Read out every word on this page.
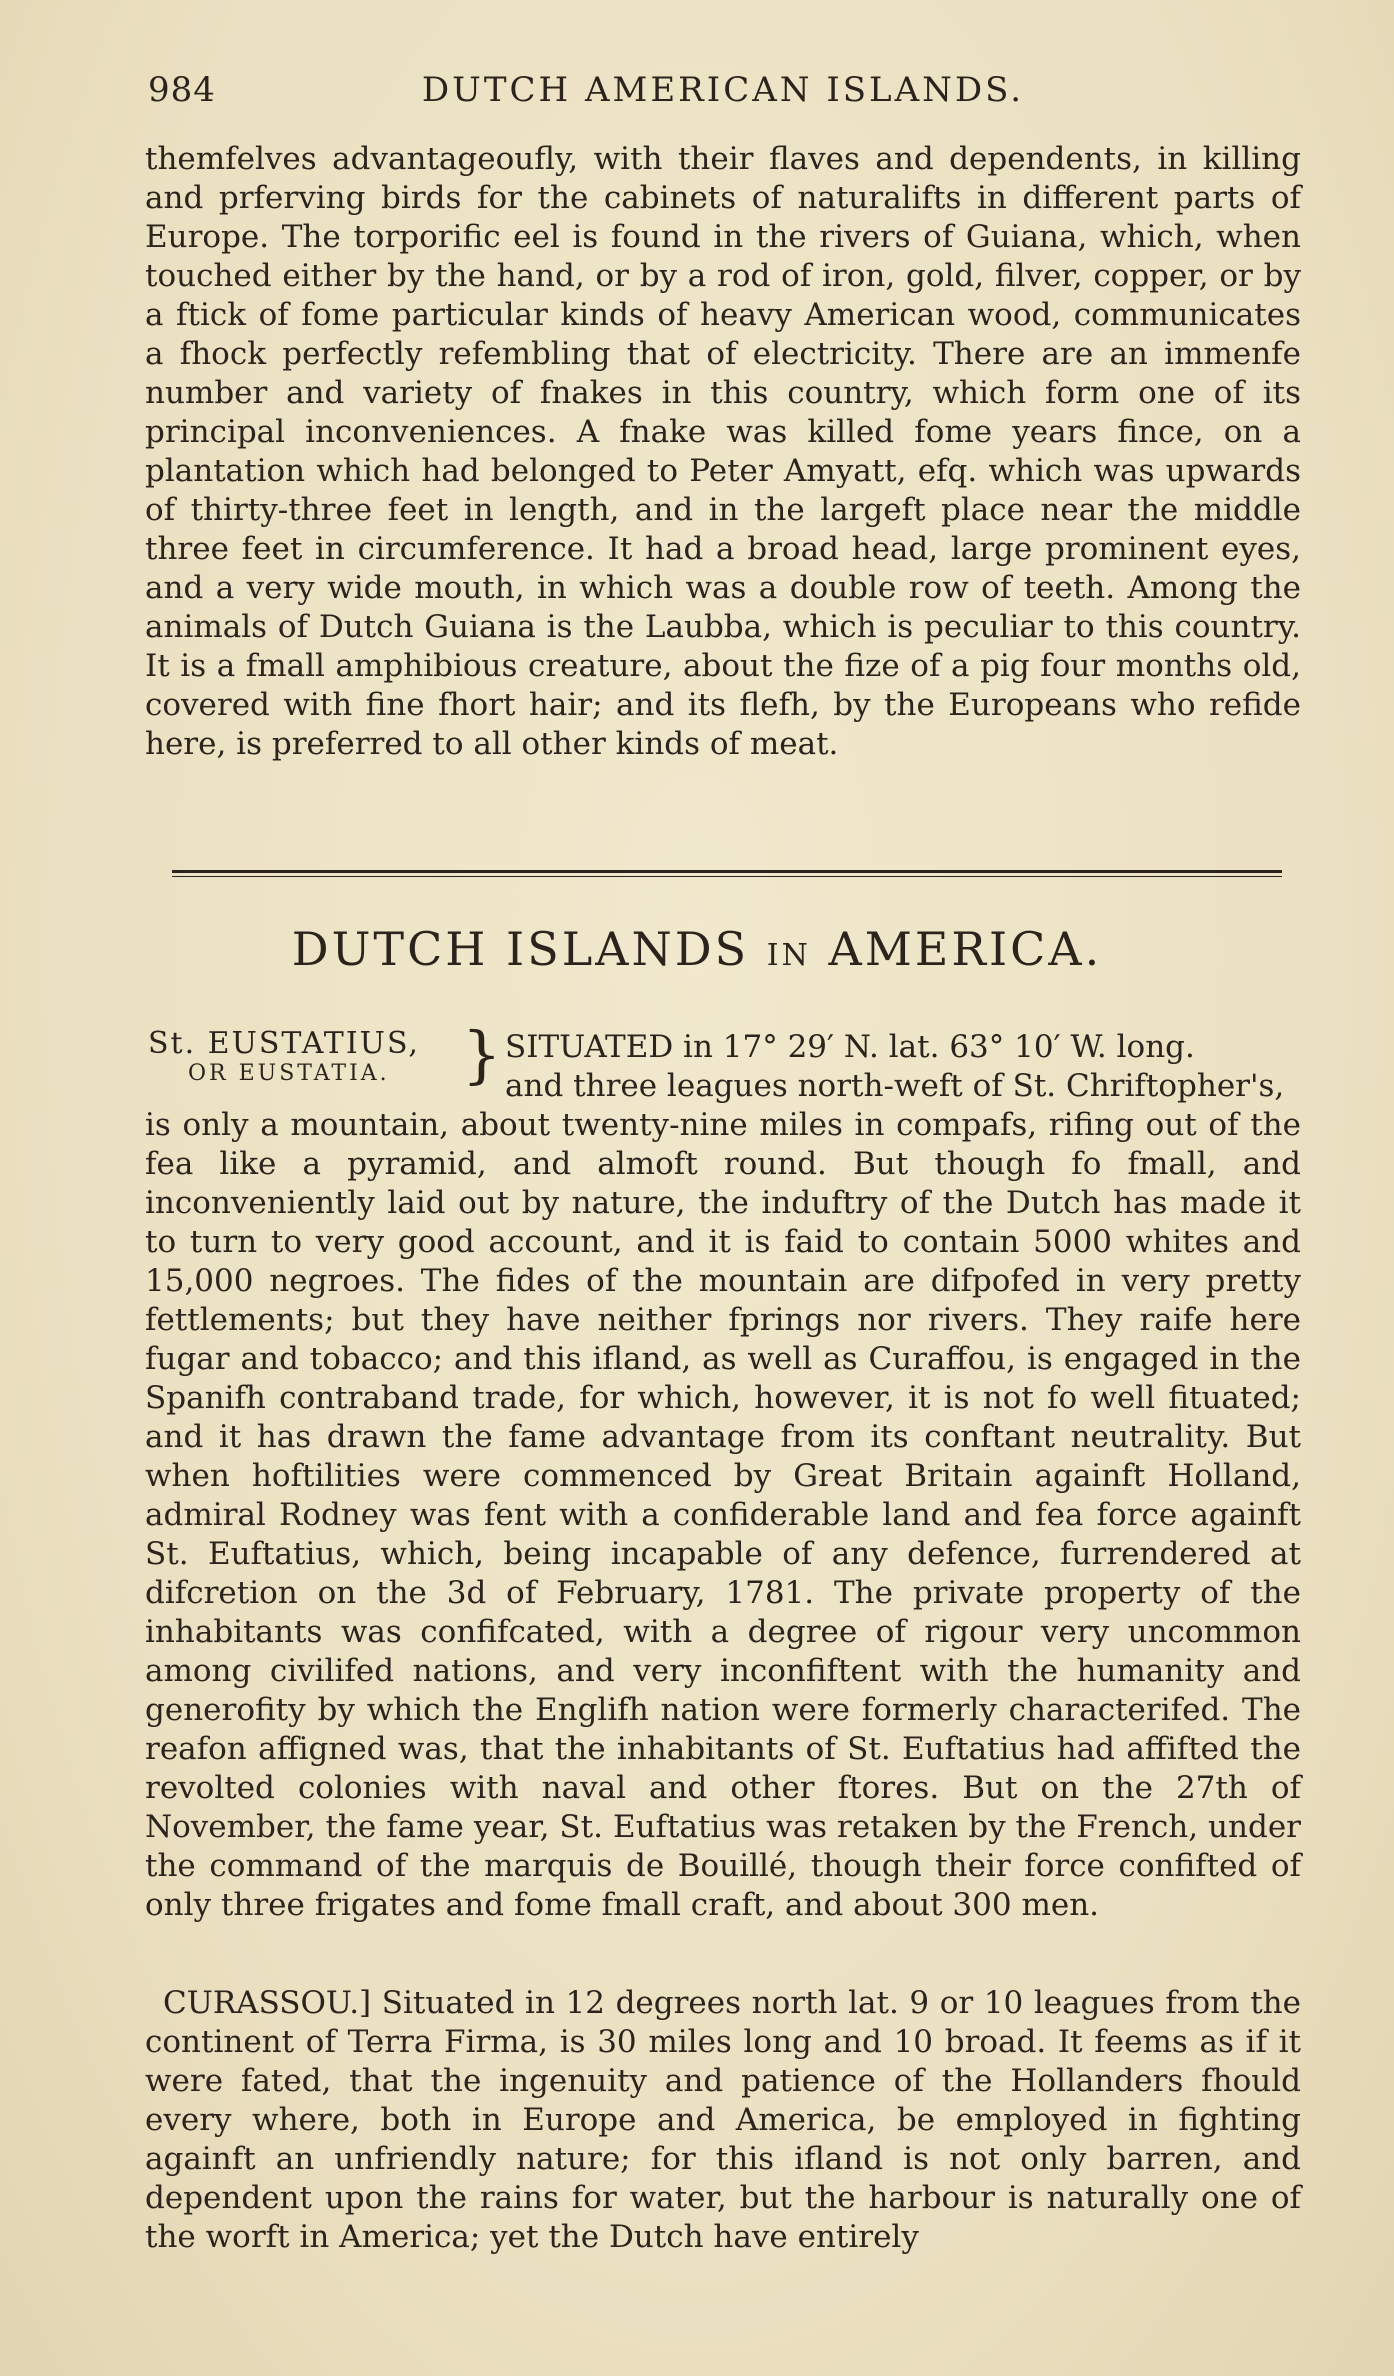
984	DUTCH AMERICAN ISLANDS.

themfelves advantageoufly, with their flaves and dependents, in killing and prferving birds for the cabinets of naturalifts in different parts of Europe. The torporific eel is found in the rivers of Guiana, which, when touched either by the hand, or by a rod of iron, gold, filver, copper, or by a ftick of fome particular kinds of heavy American wood, communicates a fhock perfectly refembling that of electricity. There are an immenfe number and variety of fnakes in this country, which form one of its principal inconveniences. A fnake was killed fome years fince, on a plantation which had belonged to Peter Amyatt, efq. which was upwards of thirty-three feet in length, and in the largeft place near the middle three feet in circumference. It had a broad head, large prominent eyes, and a very wide mouth, in which was a double row of teeth. Among the animals of Dutch Guiana is the Laubba, which is peculiar to this country. It is a fmall amphibious creature, about the fize of a pig four months old, covered with fine fhort hair; and its flefh, by the Europeans who refide here, is preferred to all other kinds of meat.

DUTCH ISLANDS IN AMERICA.
St. EUSTATIUS,
OR EUSTATIA.	} SITUATED in 17° 29′ N. lat. 63° 10′ W. long.
and three leagues north-weft of St. Chriftopher's,

is only a mountain, about twenty-nine miles in compafs, rifing out of the fea like a pyramid, and almoft round. But though fo fmall, and inconveniently laid out by nature, the induftry of the Dutch has made it to turn to very good account, and it is faid to contain 5000 whites and 15,000 negroes. The fides of the mountain are difpofed in very pretty fettlements; but they have neither fprings nor rivers. They raife here fugar and tobacco; and this ifland, as well as Curaffou, is engaged in the Spanifh contraband trade, for which, however, it is not fo well fituated; and it has drawn the fame advantage from its conftant neutrality. But when hoftilities were commenced by Great Britain againft Holland, admiral Rodney was fent with a confiderable land and fea force againft St. Euftatius, which, being incapable of any defence, furrendered at difcretion on the 3d of February, 1781. The private property of the inhabitants was confifcated, with a degree of rigour very uncommon among civilifed nations, and very inconfiftent with the humanity and generofity by which the Englifh nation were formerly characterifed. The reafon affigned was, that the inhabitants of St. Euftatius had affifted the revolted colonies with naval and other ftores. But on the 27th of November, the fame year, St. Euftatius was retaken by the French, under the command of the marquis de Bouillé, though their force confifted of only three frigates and fome fmall craft, and about 300 men.

CURASSOU.] Situated in 12 degrees north lat. 9 or 10 leagues from the continent of Terra Firma, is 30 miles long and 10 broad. It feems as if it were fated, that the ingenuity and patience of the Hollanders fhould every where, both in Europe and America, be employed in fighting againft an unfriendly nature; for this ifland is not only barren, and dependent upon the rains for water, but the harbour is naturally one of the worft in America; yet the Dutch have entirely
